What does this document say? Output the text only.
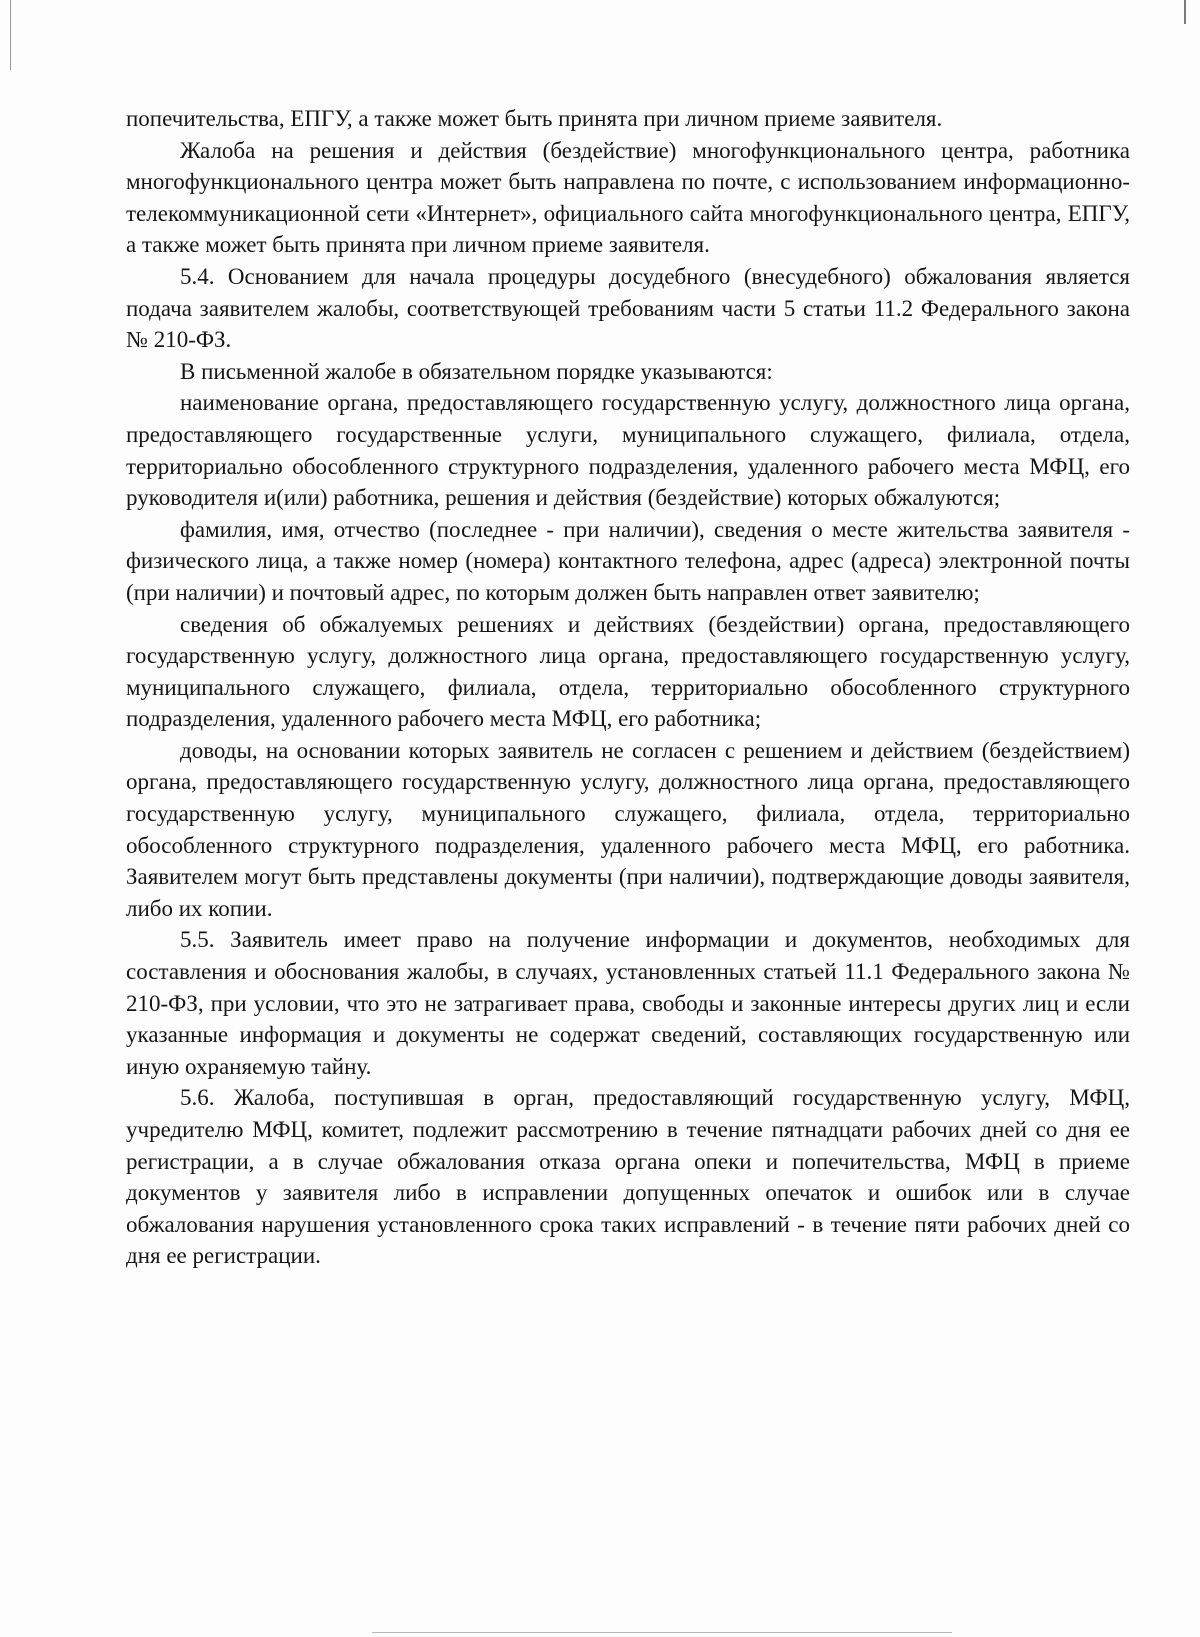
попечительства, ЕПГУ, а также может быть принята при личном приеме заявителя.

Жалоба на решения и действия (бездействие) многофункционального центра, работника многофункционального центра может быть направлена по почте, с использованием информационно-телекоммуникационной сети «Интернет», официального сайта многофункционального центра, ЕПГУ, а также может быть принята при личном приеме заявителя.

5.4. Основанием для начала процедуры досудебного (внесудебного) обжалования является подача заявителем жалобы, соответствующей требованиям части 5 статьи 11.2 Федерального закона № 210-ФЗ.

В письменной жалобе в обязательном порядке указываются:

наименование органа, предоставляющего государственную услугу, должностного лица органа, предоставляющего государственные услуги, муниципального служащего, филиала, отдела, территориально обособленного структурного подразделения, удаленного рабочего места МФЦ, его руководителя и(или) работника, решения и действия (бездействие) которых обжалуются;

фамилия, имя, отчество (последнее - при наличии), сведения о месте жительства заявителя - физического лица, а также номер (номера) контактного телефона, адрес (адреса) электронной почты (при наличии) и почтовый адрес, по которым должен быть направлен ответ заявителю;

сведения об обжалуемых решениях и действиях (бездействии) органа, предоставляющего государственную услугу, должностного лица органа, предоставляющего государственную услугу, муниципального служащего, филиала, отдела, территориально обособленного структурного подразделения, удаленного рабочего места МФЦ, его работника;

доводы, на основании которых заявитель не согласен с решением и действием (бездействием) органа, предоставляющего государственную услугу, должностного лица органа, предоставляющего государственную услугу, муниципального служащего, филиала, отдела, территориально обособленного структурного подразделения, удаленного рабочего места МФЦ, его работника. Заявителем могут быть представлены документы (при наличии), подтверждающие доводы заявителя, либо их копии.

5.5. Заявитель имеет право на получение информации и документов, необходимых для составления и обоснования жалобы, в случаях, установленных статьей 11.1 Федерального закона № 210-ФЗ, при условии, что это не затрагивает права, свободы и законные интересы других лиц и если указанные информация и документы не содержат сведений, составляющих государственную или иную охраняемую тайну.

5.6. Жалоба, поступившая в орган, предоставляющий государственную услугу, МФЦ, учредителю МФЦ, комитет, подлежит рассмотрению в течение пятнадцати рабочих дней со дня ее регистрации, а в случае обжалования отказа органа опеки и попечительства, МФЦ в приеме документов у заявителя либо в исправлении допущенных опечаток и ошибок или в случае обжалования нарушения установленного срока таких исправлений - в течение пяти рабочих дней со дня ее регистрации.
